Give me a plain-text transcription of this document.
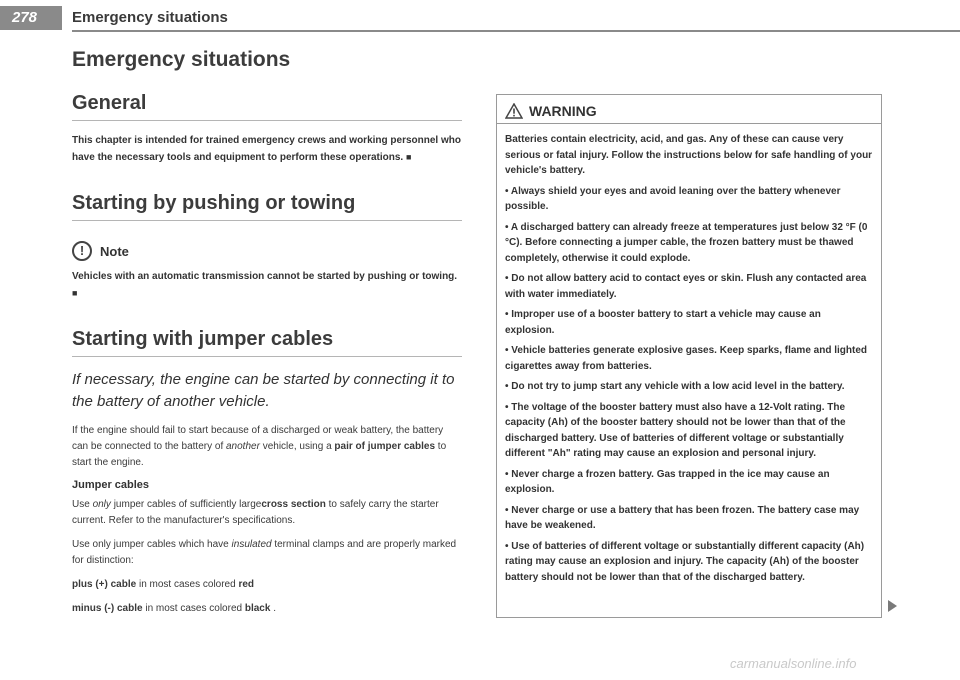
278 Emergency situations
Emergency situations
General

This chapter is intended for trained emergency crews and working personnel who have the necessary tools and equipment to perform these operations. ■

Starting by pushing or towing
!	Note

Vehicles with an automatic transmission cannot be started by pushing or towing. ■

Starting with jumper cables

If necessary, the engine can be started by connecting it to the battery of another vehicle.

If the engine should fail to start because of a discharged or weak battery, the battery can be connected to the battery of another vehicle, using a pair of jumper cables to start the engine.

Jumper cables

Use only jumper cables of sufficiently largecross section to safely carry the starter current. Refer to the manufacturer's specifications.

Use only jumper cables which have insulated terminal clamps and are properly marked for distinction:

plus (+) cable in most cases colored red

minus (-) cable in most cases colored black .

WARNING

Batteries contain electricity, acid, and gas. Any of these can cause very serious or fatal injury. Follow the instructions below for safe handling of your vehicle's battery.

• Always shield your eyes and avoid leaning over the battery whenever possible.

• A discharged battery can already freeze at temperatures just below 32 °F (0 °C). Before connecting a jumper cable, the frozen battery must be thawed completely, otherwise it could explode.

• Do not allow battery acid to contact eyes or skin. Flush any contacted area with water immediately.

• Improper use of a booster battery to start a vehicle may cause an explosion.

• Vehicle batteries generate explosive gases. Keep sparks, flame and lighted cigarettes away from batteries.

• Do not try to jump start any vehicle with a low acid level in the battery.

• The voltage of the booster battery must also have a 12-Volt rating. The capacity (Ah) of the booster battery should not be lower than that of the discharged battery. Use of batteries of different voltage or substantially different "Ah" rating may cause an explosion and personal injury.

• Never charge a frozen battery. Gas trapped in the ice may cause an explosion.

• Never charge or use a battery that has been frozen. The battery case may have be weakened.

• Use of batteries of different voltage or substantially different capacity (Ah) rating may cause an explosion and injury. The capacity (Ah) of the booster battery should not be lower than that of the discharged battery.

carmanualsonline.info
